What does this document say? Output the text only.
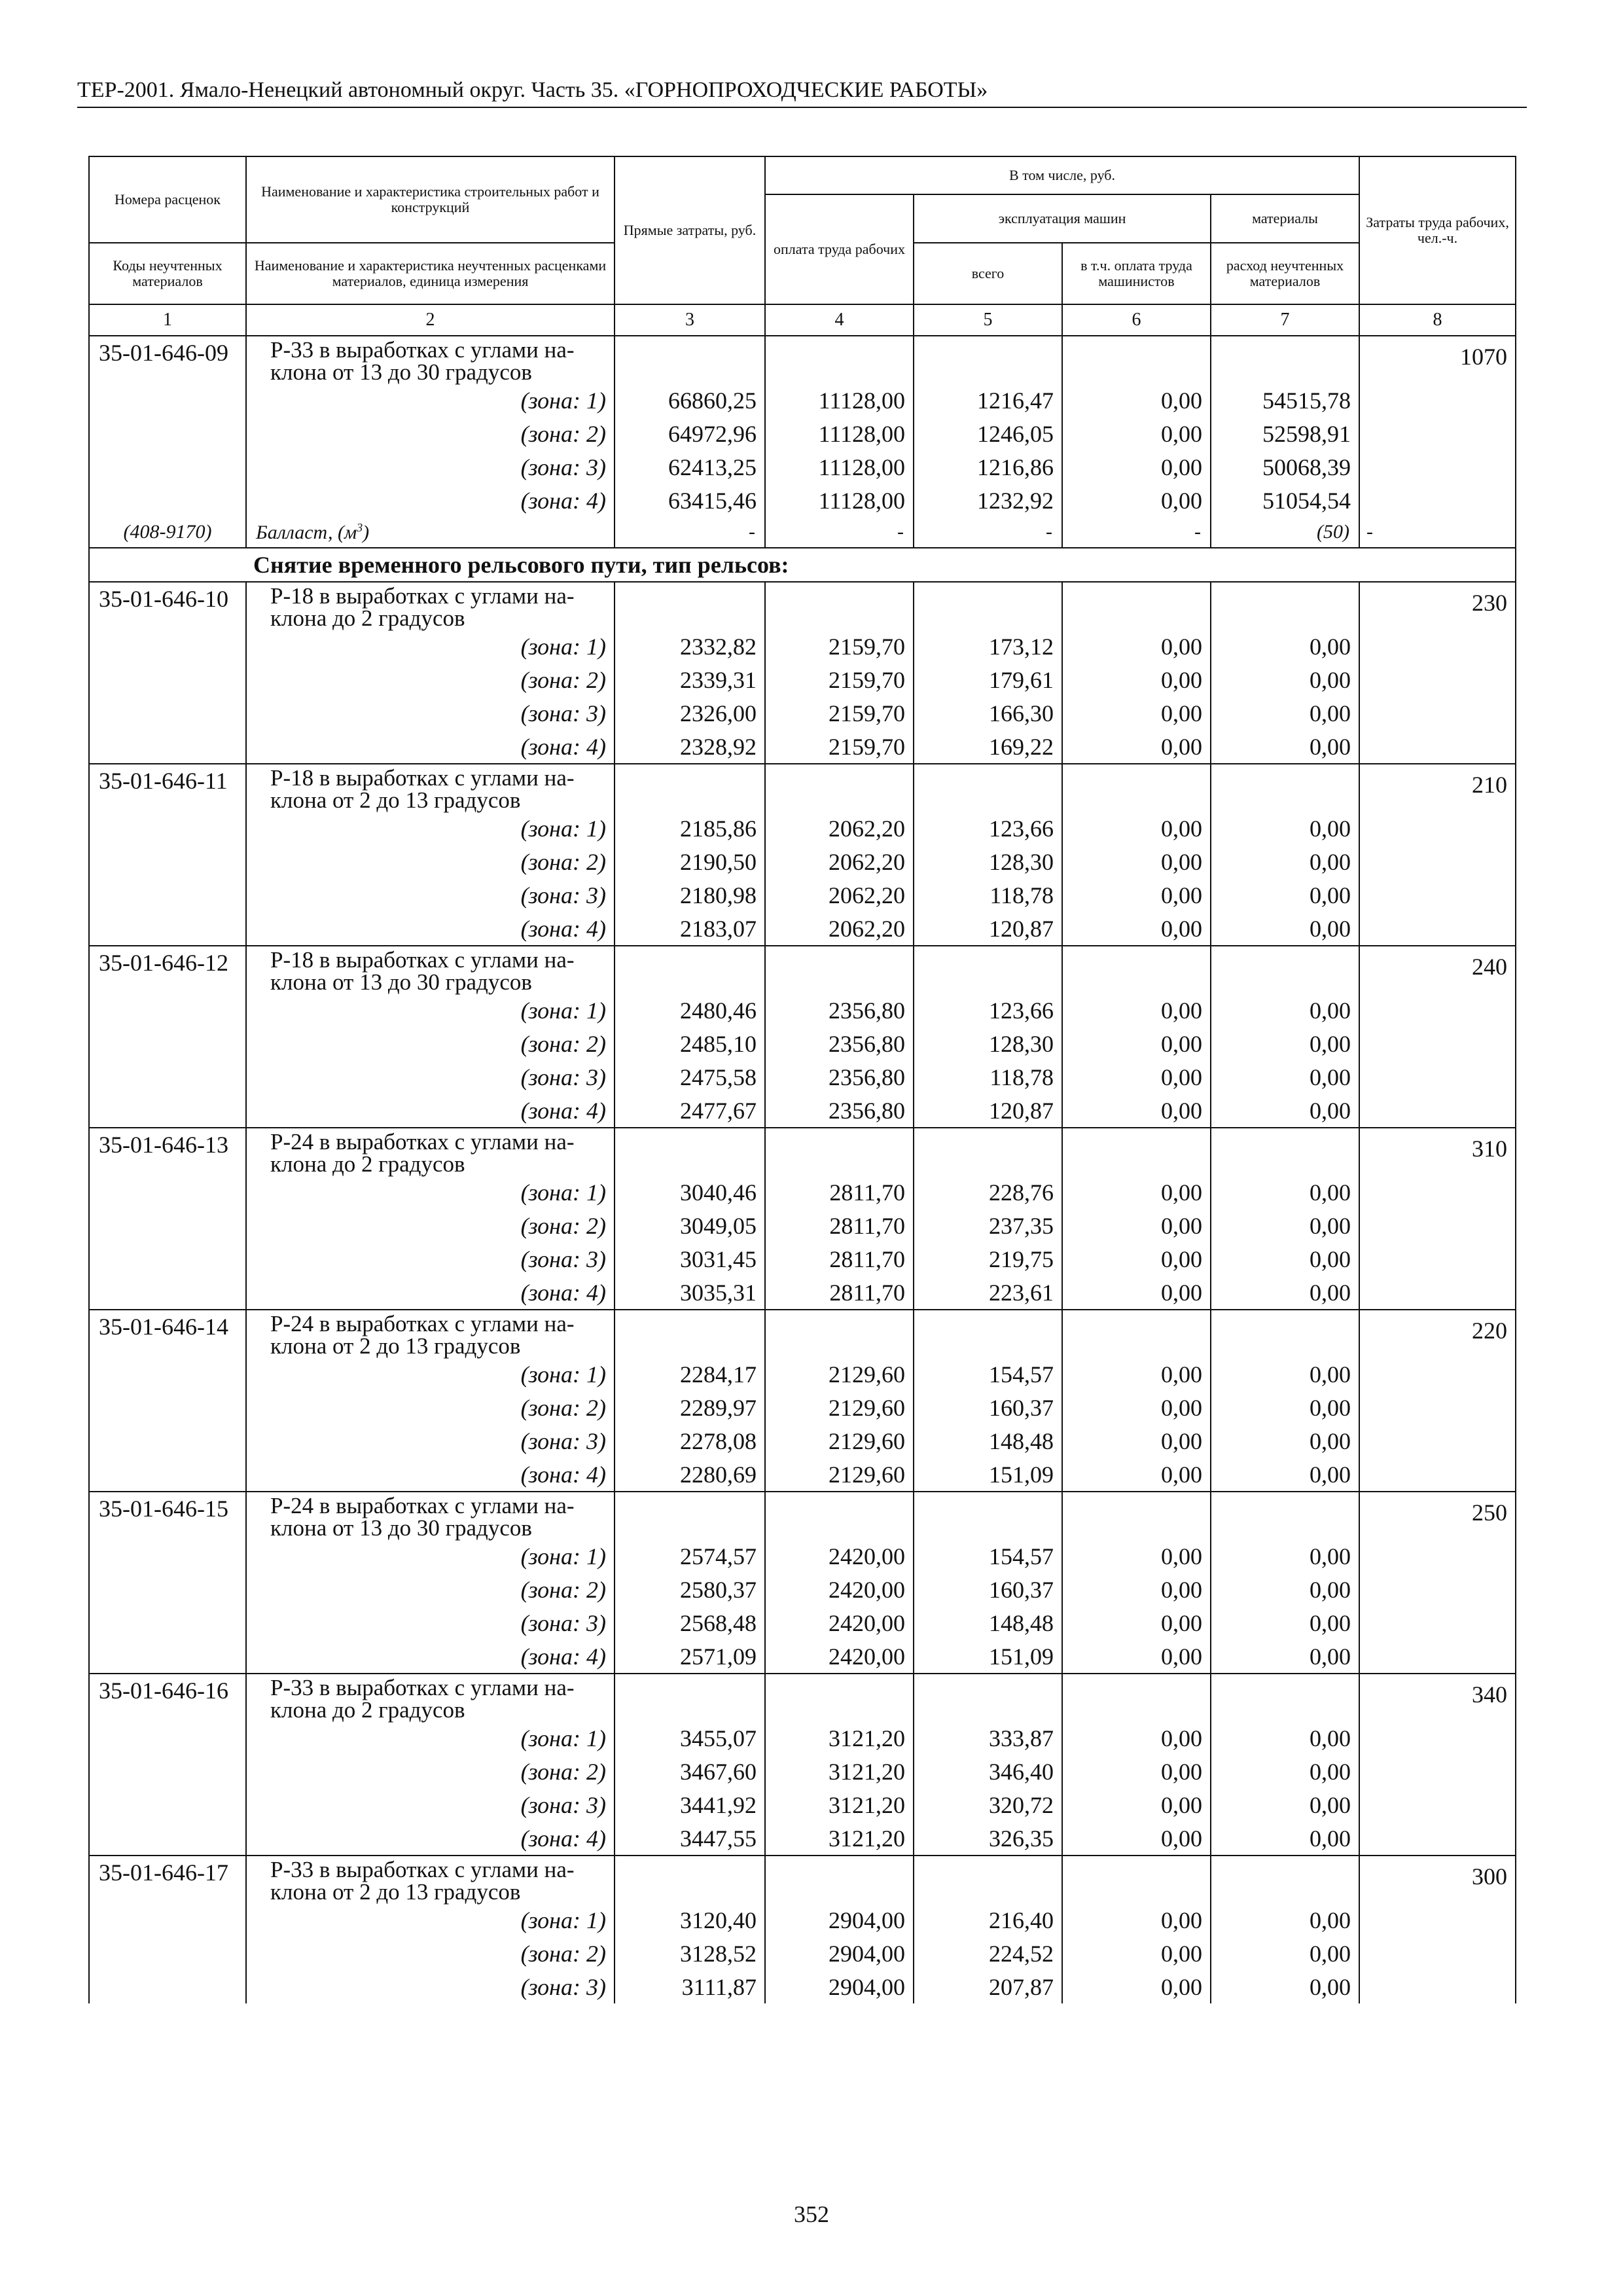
ТЕР-2001. Ямало-Ненецкий автономный округ. Часть 35. «ГОРНОПРОХОДЧЕСКИЕ РАБОТЫ»
Номера расценок	Наименование и характеристика строительных работ и конструкций	Прямые затраты, руб.	В том числе, руб.				Затраты труда рабочих, чел.-ч.
			оплата труда рабочих	эксплуатация машин		материалы	
Коды неучтенных материалов	Наименование и характеристика неучтенных расценками материалов, единица измерения			всего	в т.ч. оплата труда машинистов	расход неучтенных материалов	

1	2	3	4	5	6	7	8
35-01-646-09	Р-33 в выработках с углами на-
клона от 13 до 30 градусов						1070
	(зона: 1)	66860,25	11128,00	1216,47	0,00	54515,78	
	(зона: 2)	64972,96	11128,00	1246,05	0,00	52598,91	
	(зона: 3)	62413,25	11128,00	1216,86	0,00	50068,39	
	(зона: 4)	63415,46	11128,00	1232,92	0,00	51054,54	
(408-9170)	Балласт, $(м^3)$	-	-	-	-	(50)	-
Снятие временного рельсового пути, тип рельсов:							
35-01-646-10	Р-18 в выработках с углами на-
клона до 2 градусов						230
	(зона: 1)	2332,82	2159,70	173,12	0,00	0,00	
	(зона: 2)	2339,31	2159,70	179,61	0,00	0,00	
	(зона: 3)	2326,00	2159,70	166,30	0,00	0,00	
	(зона: 4)	2328,92	2159,70	169,22	0,00	0,00	
35-01-646-11	Р-18 в выработках с углами на-
клона от 2 до 13 градусов						210
	(зона: 1)	2185,86	2062,20	123,66	0,00	0,00	
	(зона: 2)	2190,50	2062,20	128,30	0,00	0,00	
	(зона: 3)	2180,98	2062,20	118,78	0,00	0,00	
	(зона: 4)	2183,07	2062,20	120,87	0,00	0,00	
35-01-646-12	Р-18 в выработках с углами на-
клона от 13 до 30 градусов						240
	(зона: 1)	2480,46	2356,80	123,66	0,00	0,00	
	(зона: 2)	2485,10	2356,80	128,30	0,00	0,00	
	(зона: 3)	2475,58	2356,80	118,78	0,00	0,00	
	(зона: 4)	2477,67	2356,80	120,87	0,00	0,00	
35-01-646-13	Р-24 в выработках с углами на-
клона до 2 градусов						310
	(зона: 1)	3040,46	2811,70	228,76	0,00	0,00	
	(зона: 2)	3049,05	2811,70	237,35	0,00	0,00	
	(зона: 3)	3031,45	2811,70	219,75	0,00	0,00	
	(зона: 4)	3035,31	2811,70	223,61	0,00	0,00	
35-01-646-14	Р-24 в выработках с углами на-
клона от 2 до 13 градусов						220
	(зона: 1)	2284,17	2129,60	154,57	0,00	0,00	
	(зона: 2)	2289,97	2129,60	160,37	0,00	0,00	
	(зона: 3)	2278,08	2129,60	148,48	0,00	0,00	
	(зона: 4)	2280,69	2129,60	151,09	0,00	0,00	
35-01-646-15	Р-24 в выработках с углами на-
клона от 13 до 30 градусов						250
	(зона: 1)	2574,57	2420,00	154,57	0,00	0,00	
	(зона: 2)	2580,37	2420,00	160,37	0,00	0,00	
	(зона: 3)	2568,48	2420,00	148,48	0,00	0,00	
	(зона: 4)	2571,09	2420,00	151,09	0,00	0,00	
35-01-646-16	Р-33 в выработках с углами на-
клона до 2 градусов						340
	(зона: 1)	3455,07	3121,20	333,87	0,00	0,00	
	(зона: 2)	3467,60	3121,20	346,40	0,00	0,00	
	(зона: 3)	3441,92	3121,20	320,72	0,00	0,00	
	(зона: 4)	3447,55	3121,20	326,35	0,00	0,00	
35-01-646-17	Р-33 в выработках с углами на-
клона от 2 до 13 градусов						300
	(зона: 1)	3120,40	2904,00	216,40	0,00	0,00	
	(зона: 2)	3128,52	2904,00	224,52	0,00	0,00	
	(зона: 3)	3111,87	2904,00	207,87	0,00	0,00	
352
